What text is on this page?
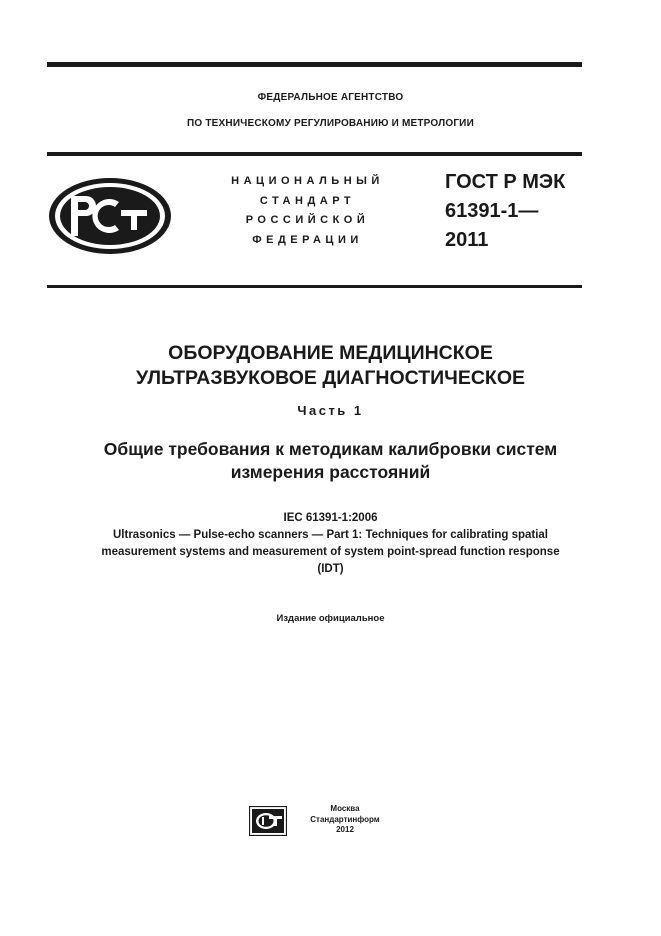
ФЕДЕРАЛЬНОЕ АГЕНТСТВО
ПО ТЕХНИЧЕСКОМУ РЕГУЛИРОВАНИЮ И МЕТРОЛОГИИ
НАЦИОНАЛЬНЫЙ
СТАНДАРТ
РОССИЙСКОЙ
ФЕДЕРАЦИИ
ГОСТ Р МЭК
61391-1—
2011
ОБОРУДОВАНИЕ МЕДИЦИНСКОЕ
УЛЬТРАЗВУКОВОЕ ДИАГНОСТИЧЕСКОЕ
Часть 1
Общие требования к методикам калибровки систем
измерения расстояний
IEC 61391-1:2006
Ultrasonics — Pulse-echo scanners — Part 1: Techniques for calibrating spatial
measurement systems and measurement of system point-spread function response
(IDT)
Издание официальное
Москва
Стандартинформ
2012
